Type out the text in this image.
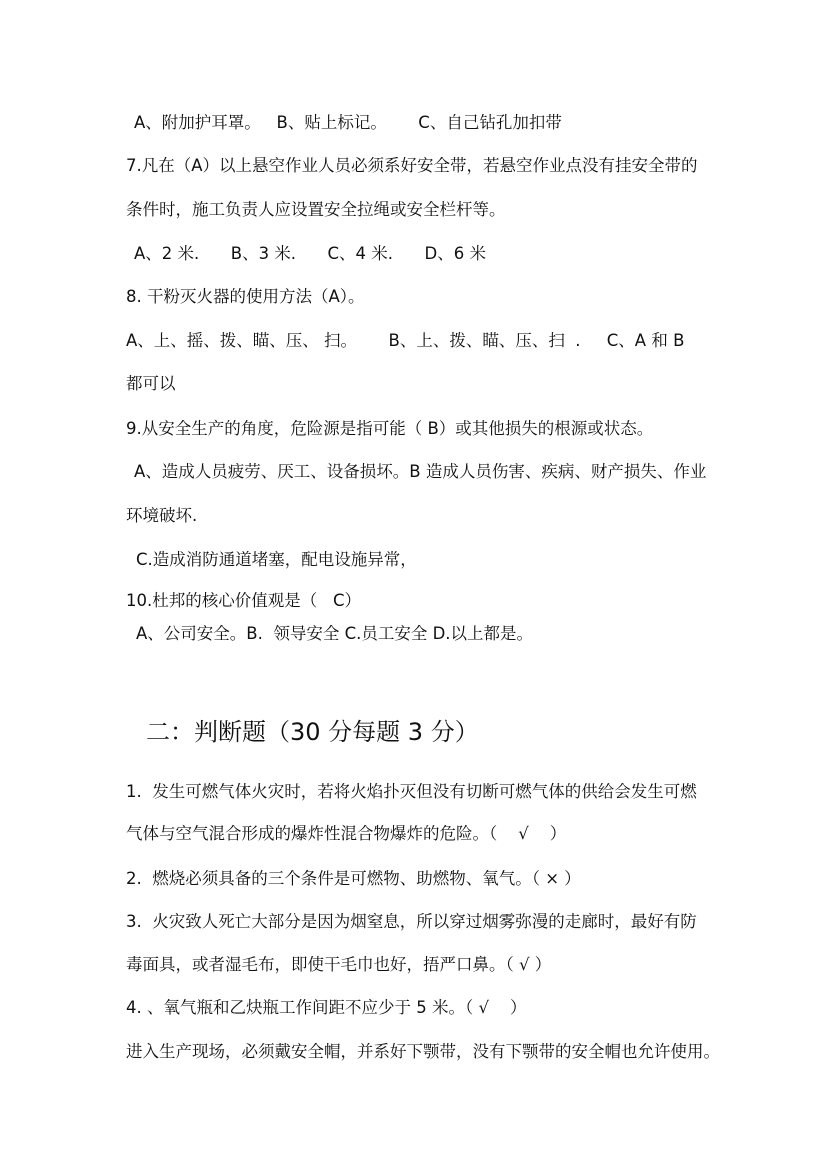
A、附加护耳罩。   B、贴上标记。      C、自己钻孔加扣带
7.凡在（A）以上悬空作业人员必须系好安全带，若悬空作业点没有挂安全带的
条件时，施工负责人应设置安全拉绳或安全栏杆等。
A、2 米.      B、3 米.      C、4 米.      D、6 米
8. 干粉灭火器的使用方法（A）。
A、上、摇、拨、瞄、压、 扫。      B、上、拨、瞄、压、扫  .     C、A 和 B
都可以
9.从安全生产的角度，危险源是指可能（ B）或其他损失的根源或状态。
A、造成人员疲劳、厌工、设备损坏。B 造成人员伤害、疾病、财产损失、作业
环境破坏.
C.造成消防通道堵塞，配电设施异常，
10.杜邦的核心价值观是（   C）
A、公司安全。B.  领导安全 C.员工安全 D.以上都是。
二：判断题（30 分每题 3 分）
1.  发生可燃气体火灾时，若将火焰扑灭但没有切断可燃气体的供给会发生可燃
气体与空气混合形成的爆炸性混合物爆炸的危险。（    √    ）
2.  燃烧必须具备的三个条件是可燃物、助燃物、氧气。（ × ）
3.  火灾致人死亡大部分是因为烟窒息，所以穿过烟雾弥漫的走廊时，最好有防
毒面具，或者湿毛布，即使干毛巾也好，捂严口鼻。（ √ ）
4. 、氧气瓶和乙炔瓶工作间距不应少于 5 米。（ √    ）
进入生产现场，必须戴安全帽，并系好下颚带，没有下颚带的安全帽也允许使用。
